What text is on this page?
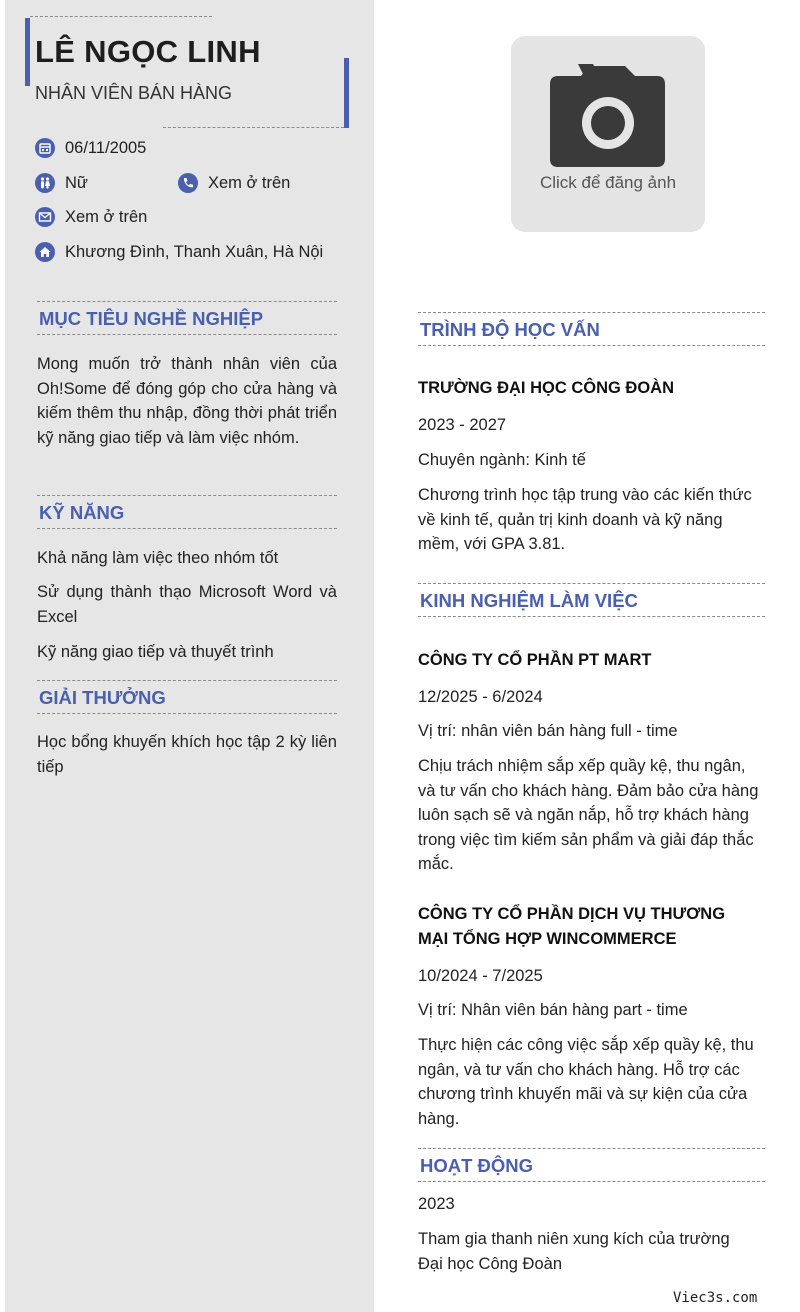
LÊ NGỌC LINH
NHÂN VIÊN BÁN HÀNG
06/11/2005
Nữ	Xem ở trên
Xem ở trên
Khương Đình, Thanh Xuân, Hà Nội
MỤC TIÊU NGHỀ NGHIỆP
Mong muốn trở thành nhân viên của Oh!Some để đóng góp cho cửa hàng và kiếm thêm thu nhập, đồng thời phát triển kỹ năng giao tiếp và làm việc nhóm.
KỸ NĂNG
Khả năng làm việc theo nhóm tốt
Sử dụng thành thạo Microsoft Word và Excel
Kỹ năng giao tiếp và thuyết trình
GIẢI THƯỞNG
Học bổng khuyến khích học tập 2 kỳ liên tiếp
Click để đăng ảnh
TRÌNH ĐỘ HỌC VẤN
TRƯỜNG ĐẠI HỌC CÔNG ĐOÀN
2023 - 2027
Chuyên ngành: Kinh tế
Chương trình học tập trung vào các kiến thức về kinh tế, quản trị kinh doanh và kỹ năng mềm, với GPA 3.81.
KINH NGHIỆM LÀM VIỆC
CÔNG TY CỔ PHẦN PT MART
12/2025 - 6/2024
Vị trí: nhân viên bán hàng full - time
Chịu trách nhiệm sắp xếp quầy kệ, thu ngân, và tư vấn cho khách hàng. Đảm bảo cửa hàng luôn sạch sẽ và ngăn nắp, hỗ trợ khách hàng trong việc tìm kiếm sản phẩm và giải đáp thắc mắc.
CÔNG TY CỔ PHẦN DỊCH VỤ THƯƠNG MẠI TỔNG HỢP WINCOMMERCE
10/2024 - 7/2025
Vị trí: Nhân viên bán hàng part - time
Thực hiện các công việc sắp xếp quầy kệ, thu ngân, và tư vấn cho khách hàng. Hỗ trợ các chương trình khuyến mãi và sự kiện của cửa hàng.
HOẠT ĐỘNG
2023
Tham gia thanh niên xung kích của trường Đại học Công Đoàn
Viec3s.com
